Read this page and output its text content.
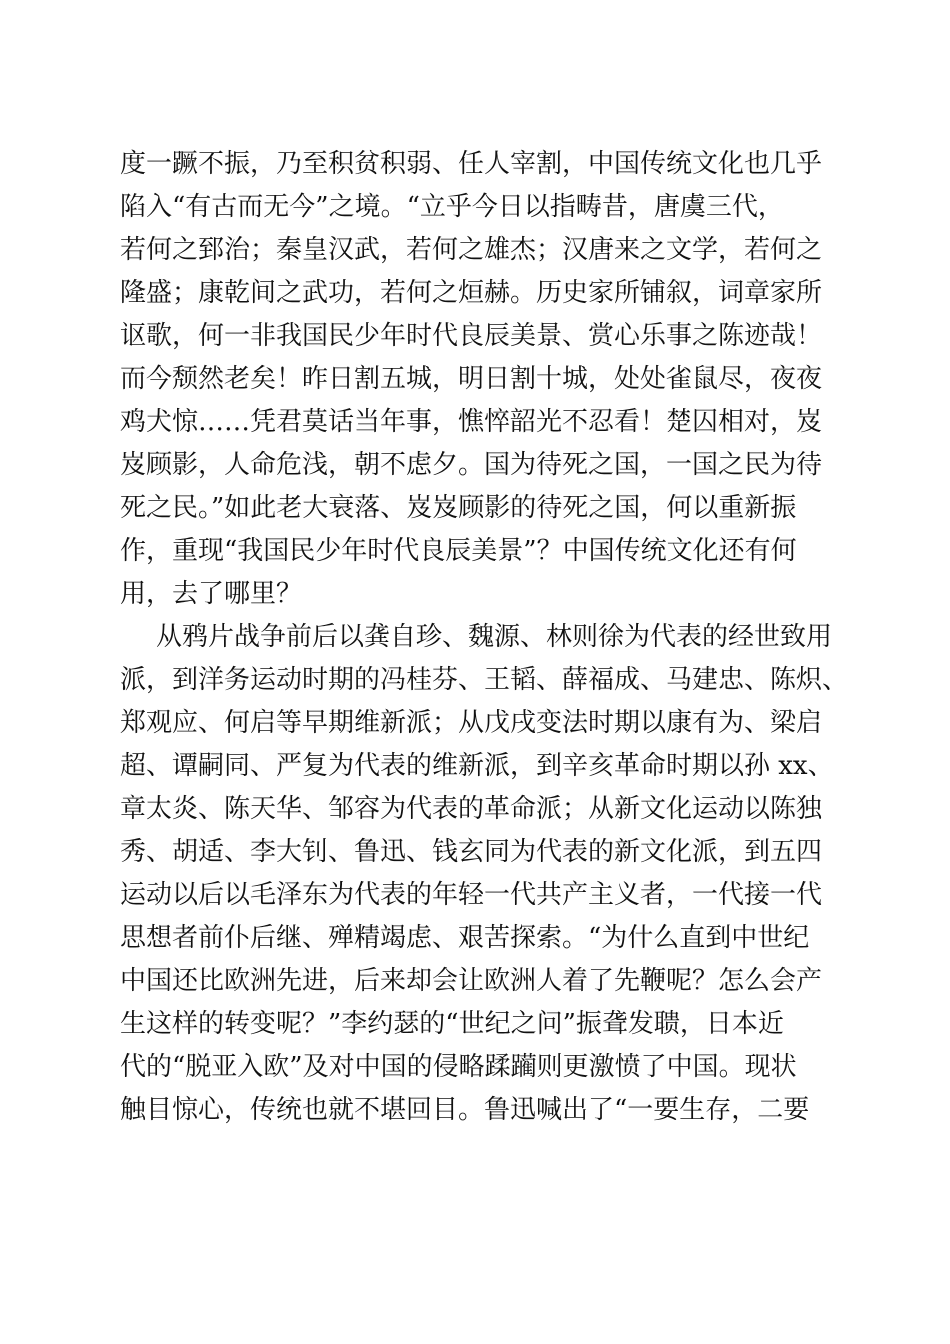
度一蹶不振，乃至积贫积弱、任人宰割，中国传统文化也几乎
陷入“有古而无今”之境。“立乎今日以指畴昔，唐虞三代，
若何之郅治；秦皇汉武，若何之雄杰；汉唐来之文学，若何之
隆盛；康乾间之武功，若何之烜赫。历史家所铺叙，词章家所
讴歌，何一非我国民少年时代良辰美景、赏心乐事之陈迹哉！
而今颓然老矣！昨日割五城，明日割十城，处处雀鼠尽，夜夜
鸡犬惊……凭君莫话当年事，憔悴韶光不忍看！楚囚相对，岌
岌顾影，人命危浅，朝不虑夕。国为待死之国，一国之民为待
死之民。”如此老大衰落、岌岌顾影的待死之国，何以重新振
作，重现“我国民少年时代良辰美景”？中国传统文化还有何
用，去了哪里？
从鸦片战争前后以龚自珍、魏源、林则徐为代表的经世致用
派，到洋务运动时期的冯桂芬、王韬、薛福成、马建忠、陈炽、
郑观应、何启等早期维新派；从戊戌变法时期以康有为、梁启
超、谭嗣同、严复为代表的维新派，到辛亥革命时期以孙 xx、
章太炎、陈天华、邹容为代表的革命派；从新文化运动以陈独
秀、胡适、李大钊、鲁迅、钱玄同为代表的新文化派，到五四
运动以后以毛泽东为代表的年轻一代共产主义者，一代接一代
思想者前仆后继、殚精竭虑、艰苦探索。“为什么直到中世纪
中国还比欧洲先进，后来却会让欧洲人着了先鞭呢？怎么会产
生这样的转变呢？”李约瑟的“世纪之问”振聋发聩，日本近
代的“脱亚入欧”及对中国的侵略蹂躏则更激愤了中国。现状
触目惊心，传统也就不堪回目。鲁迅喊出了“一要生存，二要
